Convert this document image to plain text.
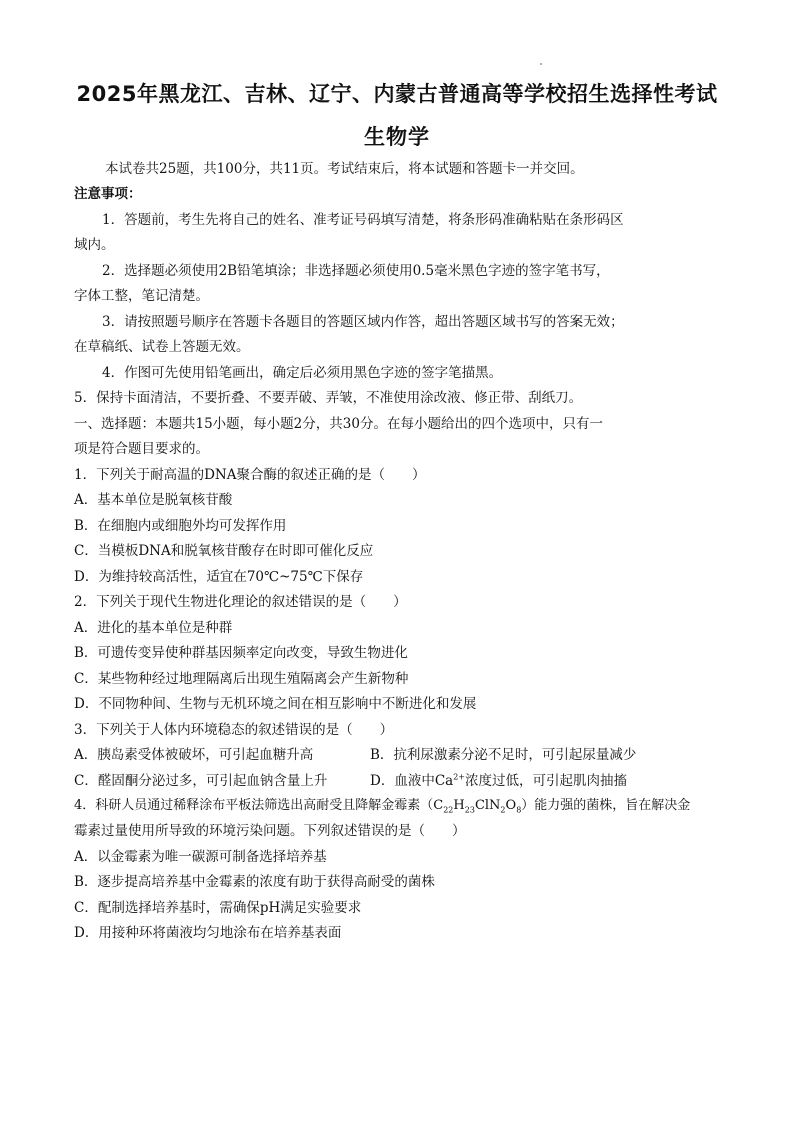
2025年黑龙江、吉林、辽宁、内蒙古普通高等学校招生选择性考试
生物学
本试卷共25题，共100分，共11页。考试结束后，将本试题和答题卡一并交回。
注意事项：
1．答题前，考生先将自己的姓名、准考证号码填写清楚，将条形码准确粘贴在条形码区
域内。
2．选择题必须使用2B铅笔填涂；非选择题必须使用0.5毫米黑色字迹的签字笔书写，
字体工整，笔记清楚。
3．请按照题号顺序在答题卡各题目的答题区域内作答，超出答题区域书写的答案无效；
在草稿纸、试卷上答题无效。
4．作图可先使用铅笔画出，确定后必须用黑色字迹的签字笔描黑。
5．保持卡面清洁，不要折叠、不要弄破、弄皱，不准使用涂改液、修正带、刮纸刀。
一、选择题：本题共15小题，每小题2分，共30分。在每小题给出的四个选项中，只有一
项是符合题目要求的。
1．下列关于耐高温的DNA聚合酶的叙述正确的是（　　）
A．基本单位是脱氧核苷酸
B．在细胞内或细胞外均可发挥作用
C．当模板DNA和脱氧核苷酸存在时即可催化反应
D．为维持较高活性，适宜在70℃~75℃下保存
2．下列关于现代生物进化理论的叙述错误的是（　　）
A．进化的基本单位是种群
B．可遗传变异使种群基因频率定向改变，导致生物进化
C．某些物种经过地理隔离后出现生殖隔离会产生新物种
D．不同物种间、生物与无机环境之间在相互影响中不断进化和发展
3．下列关于人体内环境稳态的叙述错误的是（　　）
A．胰岛素受体被破坏，可引起血糖升高	B．抗利尿激素分泌不足时，可引起尿量减少
C．醛固酮分泌过多，可引起血钠含量上升	D．血液中$Ca^{2+}$浓度过低，可引起肌肉抽搐
4．科研人员通过稀释涂布平板法筛选出高耐受且降解金霉素$(C_{22}H_{23}ClN_2O_8)$能力强的菌株，旨在解决金
霉素过量使用所导致的环境污染问题。下列叙述错误的是（　　）
A．以金霉素为唯一碳源可制备选择培养基
B．逐步提高培养基中金霉素的浓度有助于获得高耐受的菌株
C．配制选择培养基时，需确保pH满足实验要求
D．用接种环将菌液均匀地涂布在培养基表面
